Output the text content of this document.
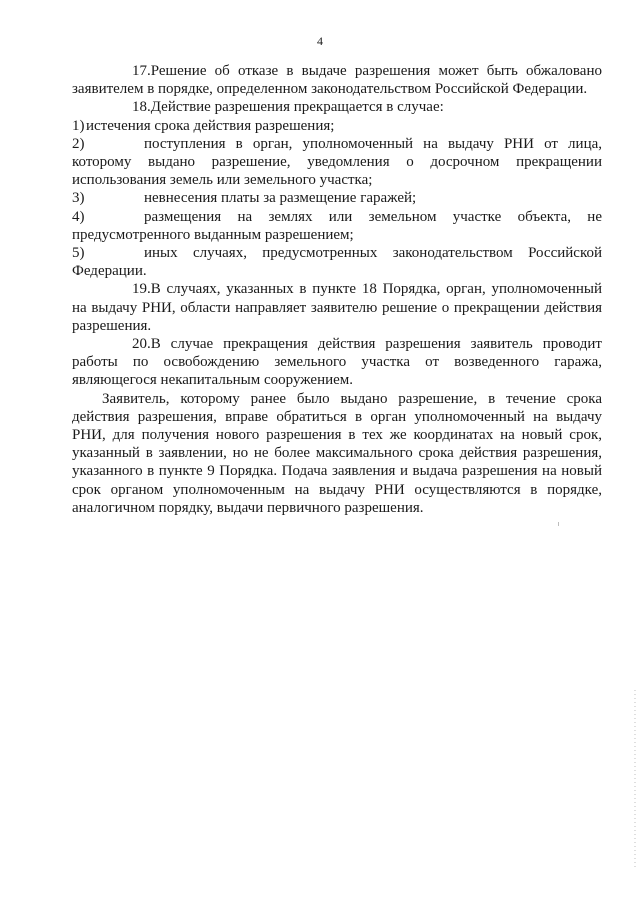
4

17.Решение об отказе в выдаче разрешения может быть обжаловано заявителем в порядке, определенном законодательством Российской Федерации.

18.Действие разрешения прекращается в случае:

1) истечения срока действия разрешения;

2)	поступления в орган, уполномоченный на выдачу РНИ от лица, которому выдано разрешение, уведомления о досрочном прекращении использования земель или земельного участка;

3)	невнесения платы за размещение гаражей;

4)	размещения на землях или земельном участке объекта, не предусмотренного выданным разрешением;

5)	иных случаях, предусмотренных законодательством Российской Федерации.

19.В случаях, указанных в пункте 18 Порядка, орган, уполномоченный на выдачу РНИ, области направляет заявителю решение о прекращении действия разрешения.

20.В случае прекращения действия разрешения заявитель проводит работы по освобождению земельного участка от возведенного гаража, являющегося некапитальным сооружением.

Заявитель, которому ранее было выдано разрешение, в течение срока действия разрешения, вправе обратиться в орган уполномоченный на выдачу РНИ, для получения нового разрешения в тех же координатах на новый срок, указанный в заявлении, но не более максимального срока действия разрешения, указанного в пункте 9 Порядка. Подача заявления и выдача разрешения на новый срок органом уполномоченным на выдачу РНИ осуществляются в порядке, аналогичном порядку, выдачи первичного разрешения.
